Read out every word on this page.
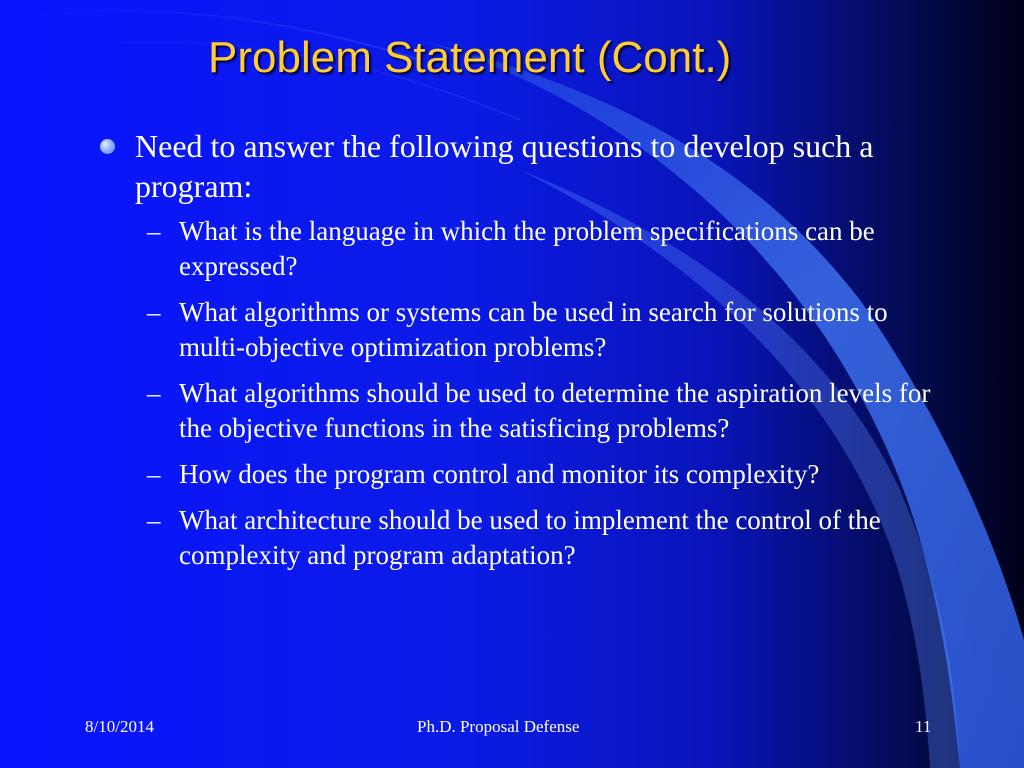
Problem Statement (Cont.)
Need to answer the following questions to develop such a program:
– What is the language in which the problem specifications can be expressed?
– What algorithms or systems can be used in search for solutions to multi-objective optimization problems?
– What algorithms should be used to determine the aspiration levels for the objective functions in the satisficing problems?
– How does the program control and monitor its complexity?
– What architecture should be used to implement the control of the complexity and program adaptation?
8/10/2014	Ph.D. Proposal Defense	11
